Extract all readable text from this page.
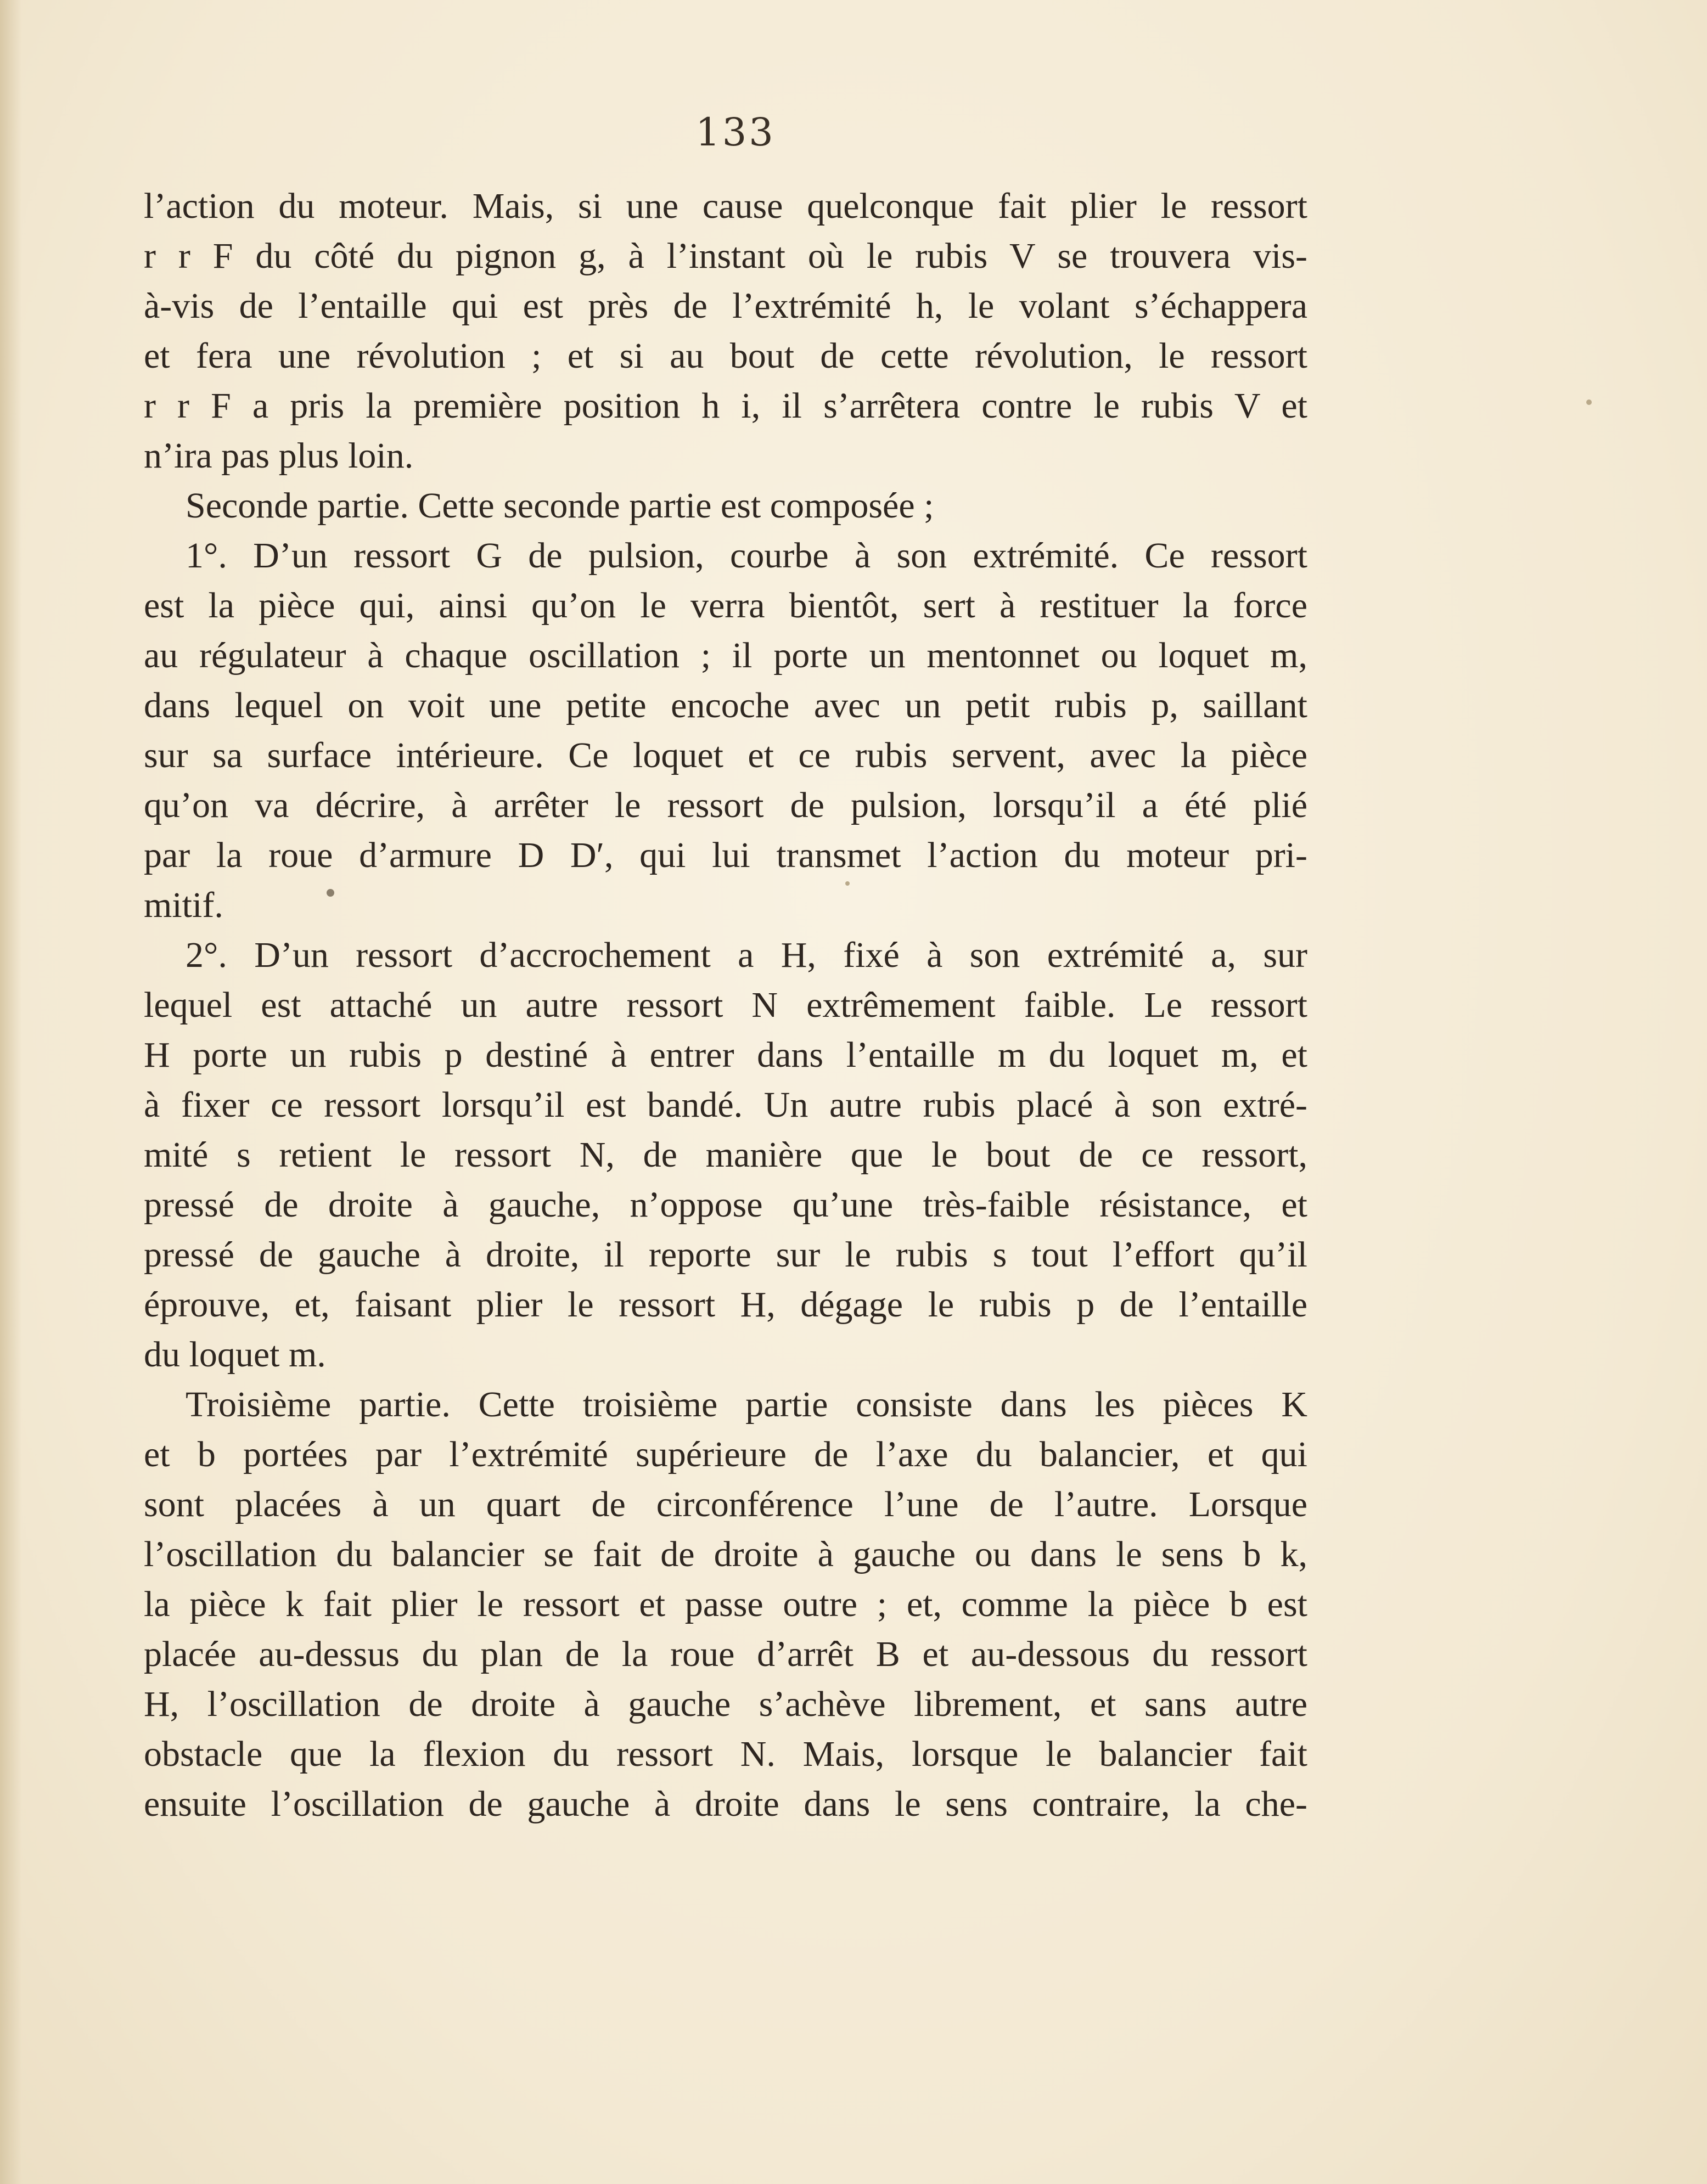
133
l’action du moteur. Mais, si une cause quelconque fait plier le ressort
r r F du côté du pignon g, à l’instant où le rubis V se trouvera vis-
à-vis de l’entaille qui est près de l’extrémité h, le volant s’échappera
et fera une révolution ; et si au bout de cette révolution, le ressort
r r F a pris la première position h i, il s’arrêtera contre le rubis V et
n’ira pas plus loin.
Seconde partie. Cette seconde partie est composée ;
1°. D’un ressort G de pulsion, courbe à son extrémité. Ce ressort
est la pièce qui, ainsi qu’on le verra bientôt, sert à restituer la force
au régulateur à chaque oscillation ; il porte un mentonnet ou loquet m,
dans lequel on voit une petite encoche avec un petit rubis p, saillant
sur sa surface intérieure. Ce loquet et ce rubis servent, avec la pièce
qu’on va décrire, à arrêter le ressort de pulsion, lorsqu’il a été plié
par la roue d’armure D D′, qui lui transmet l’action du moteur pri-
mitif.
2°. D’un ressort d’accrochement a H, fixé à son extrémité a, sur
lequel est attaché un autre ressort N extrêmement faible. Le ressort
H porte un rubis p destiné à entrer dans l’entaille m du loquet m, et
à fixer ce ressort lorsqu’il est bandé. Un autre rubis placé à son extré-
mité s retient le ressort N, de manière que le bout de ce ressort,
pressé de droite à gauche, n’oppose qu’une très-faible résistance, et
pressé de gauche à droite, il reporte sur le rubis s tout l’effort qu’il
éprouve, et, faisant plier le ressort H, dégage le rubis p de l’entaille
du loquet m.
Troisième partie. Cette troisième partie consiste dans les pièces K
et b portées par l’extrémité supérieure de l’axe du balancier, et qui
sont placées à un quart de circonférence l’une de l’autre. Lorsque
l’oscillation du balancier se fait de droite à gauche ou dans le sens b k,
la pièce k fait plier le ressort et passe outre ; et, comme la pièce b est
placée au-dessus du plan de la roue d’arrêt B et au-dessous du ressort
H, l’oscillation de droite à gauche s’achève librement, et sans autre
obstacle que la flexion du ressort N. Mais, lorsque le balancier fait
ensuite l’oscillation de gauche à droite dans le sens contraire, la che-
